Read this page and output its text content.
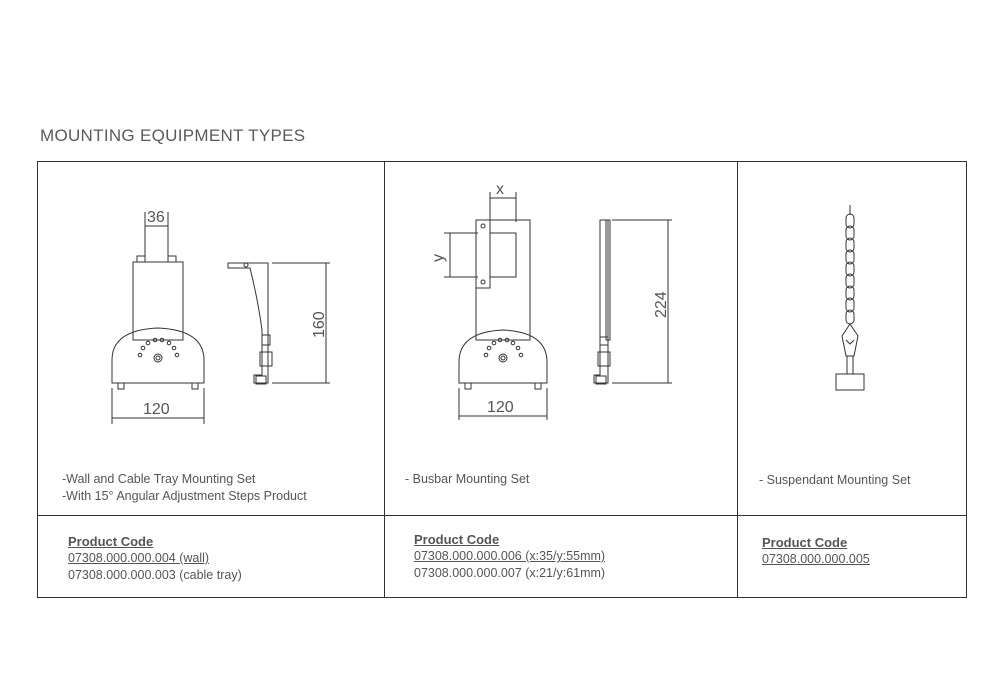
MOUNTING EQUIPMENT TYPES
36
120
160
x
y
120
224
-Wall and Cable Tray Mounting Set
-With 15° Angular Adjustment Steps Product
- Busbar Mounting Set	- Suspendant Mounting Set
Product Code
07308.000.000.004 (wall)
07308.000.000.003 (cable tray)
Product Code
07308.000.000.006 (x:35/y:55mm)
07308.000.000.007 (x:21/y:61mm)
Product Code
07308.000.000.005
